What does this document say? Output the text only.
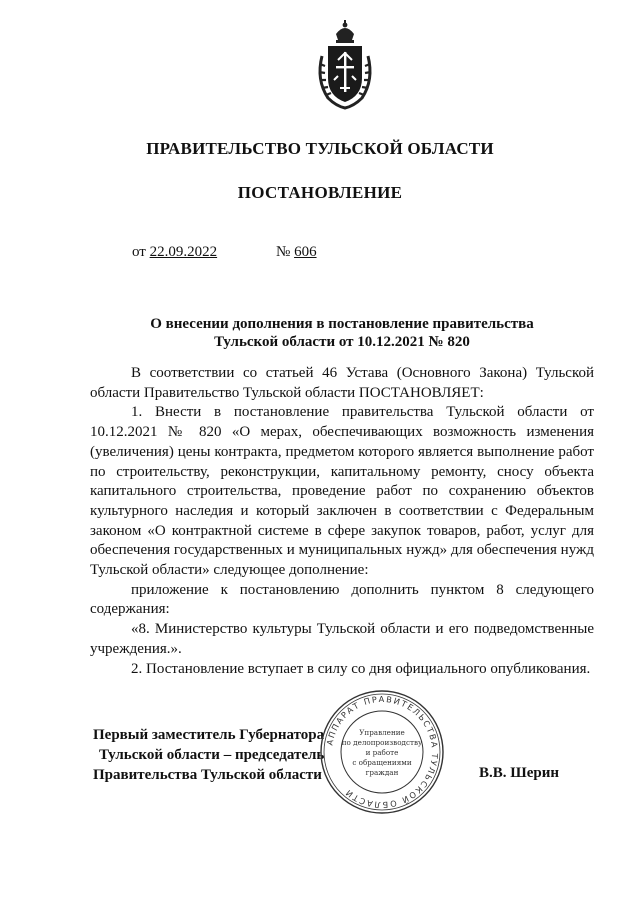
ПРАВИТЕЛЬСТВО ТУЛЬСКОЙ ОБЛАСТИ
ПОСТАНОВЛЕНИЕ
от 22.09.2022	№ 606
О внесении дополнения в постановление правительства
Тульской области от 10.12.2021 № 820

В соответствии со статьей 46 Устава (Основного Закона) Тульской области Правительство Тульской области ПОСТАНОВЛЯЕТ:

1. Внести в постановление правительства Тульской области от 10.12.2021 № 820 «О мерах, обеспечивающих возможность изменения (увеличения) цены контракта, предметом которого является выполнение работ по строительству, реконструкции, капитальному ремонту, сносу объекта капитального строительства, проведение работ по сохранению объектов культурного наследия и который заключен в соответствии с Федеральным законом «О контрактной системе в сфере закупок товаров, работ, услуг для обеспечения государственных и муниципальных нужд» для обеспечения нужд Тульской области» следующее дополнение:

приложение к постановлению дополнить пунктом 8 следующего содержания:

«8. Министерство культуры Тульской области и его подведомственные учреждения.».

2. Постановление вступает в силу со дня официального опубликования.

Первый заместитель Губернатора
Тульской области – председатель
Правительства Тульской области	В.В. Шерин
АППАРАТ ПРАВИТЕЛЬСТВА ТУЛЬСКОЙ ОБЛАСТИ
Управление
по делопроизводству
и работе
с обращениями
граждан
